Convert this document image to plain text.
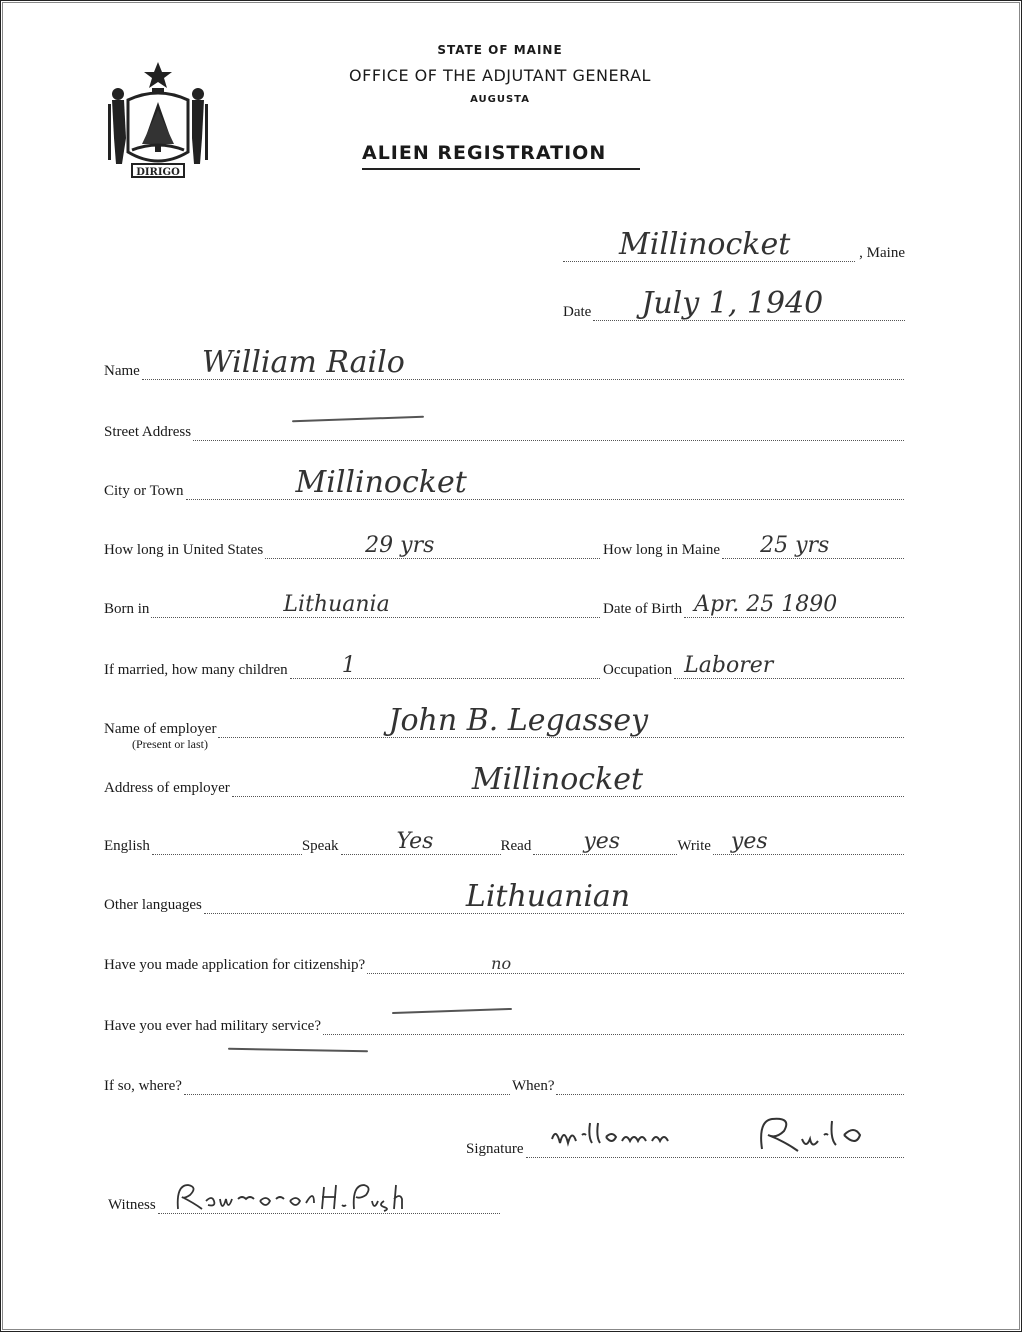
DIRIGO
STATE OF MAINE
OFFICE OF THE ADJUTANT GENERAL
AUGUSTA
ALIEN REGISTRATION
Millinocket	, Maine
Date July 1, 1940
Name William Railo
Street Address
City or Town	Millinocket
How long in United States	29 yrs	How long in Maine 25 yrs
Born in	Lithuania	Date of Birth Apr. 25 1890
If married, how many children 1	Occupation Laborer
Name of employer	John B. Legassey
(Present or last)
Address of employer	Millinocket
English	Speak	Yes	Read yes	Write yes
Other languages	Lithuanian
Have you made application for citizenship?	no
Have you ever had military service?
If so, where?	When?
Signature
Witness
